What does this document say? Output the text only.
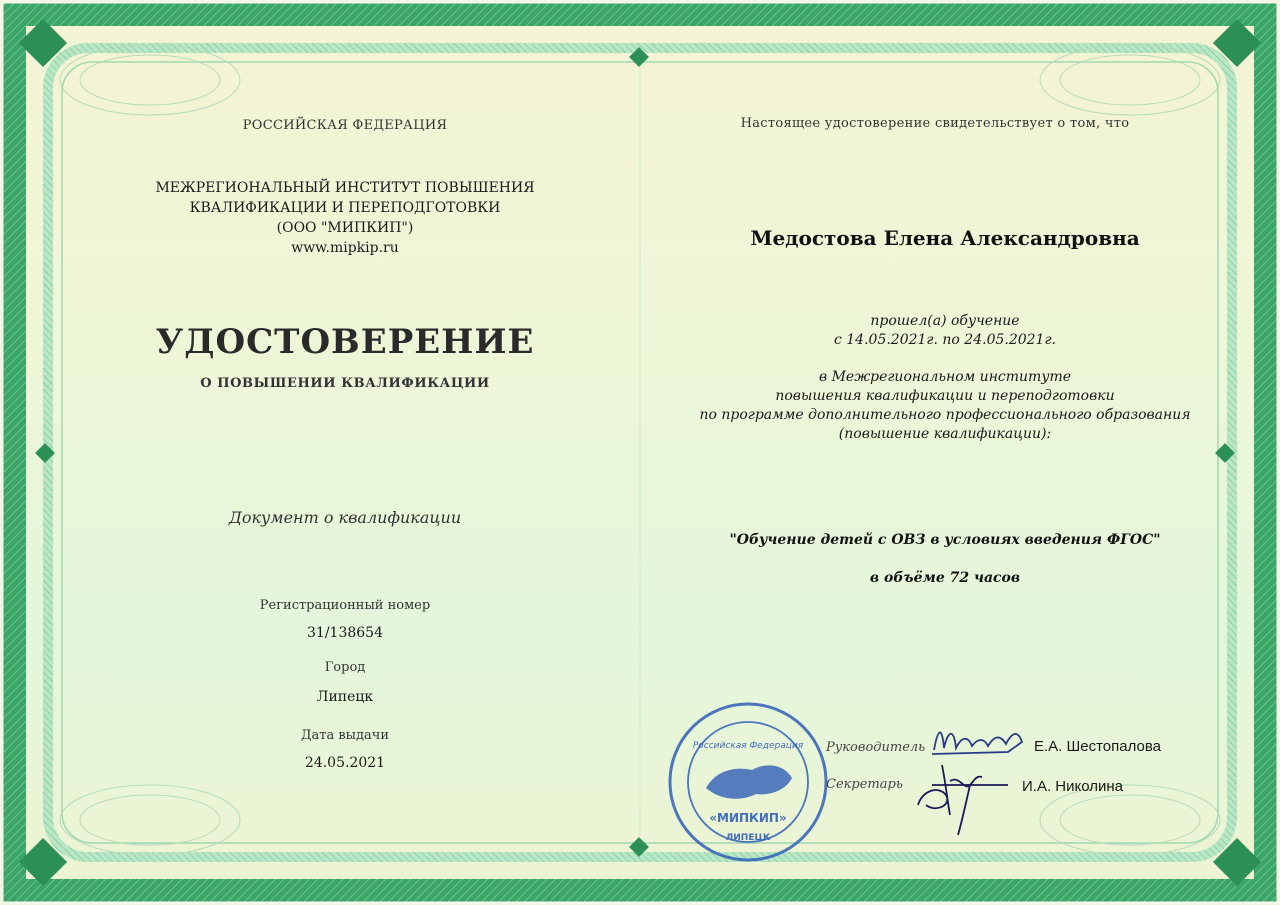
РОССИЙСКАЯ ФЕДЕРАЦИЯ
МЕЖРЕГИОНАЛЬНЫЙ ИНСТИТУТ ПОВЫШЕНИЯ
КВАЛИФИКАЦИИ И ПЕРЕПОДГОТОВКИ
(ООО "МИПКИП")
www.mipkip.ru
УДОСТОВЕРЕНИЕ
О ПОВЫШЕНИИ КВАЛИФИКАЦИИ
Документ о квалификации
Регистрационный номер
31/138654
Город
Липецк
Дата выдачи
24.05.2021
Настоящее удостоверение свидетельствует о том, что
Медостова Елена Александровна
прошел(а) обучение
с 14.05.2021г. по 24.05.2021г.
в Межрегиональном институте
повышения квалификации и переподготовки
по программе дополнительного профессионального образования
(повышение квалификации):
"Обучение детей с ОВЗ в условиях введения ФГОС"
в объёме 72 часов
Российская Федерация
«МИПКИП»
ЛИПЕЦК
Руководитель	Е.А. Шестопалова
Секретарь	И.А. Николина
